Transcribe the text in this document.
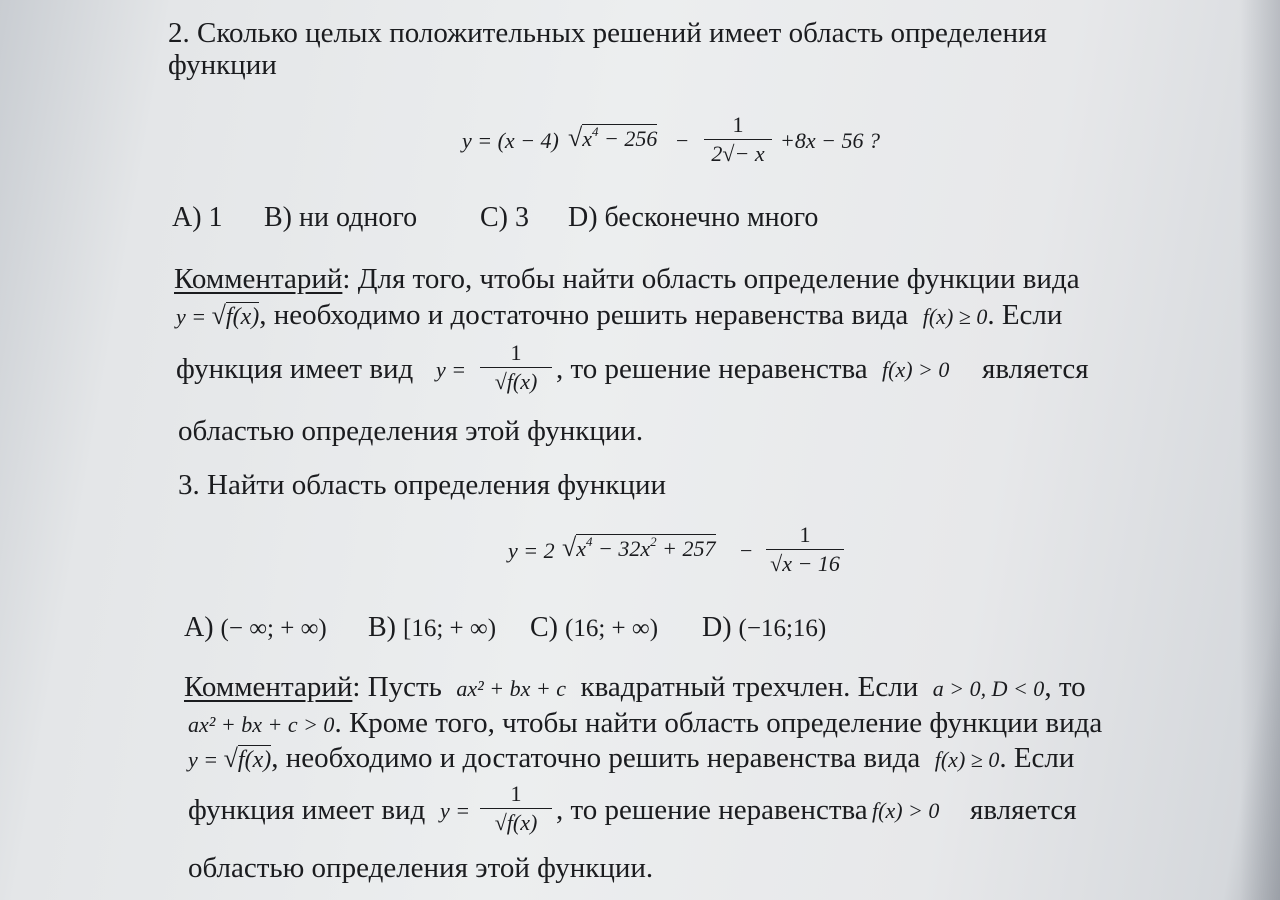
2. Сколько целых положительных решений имеет область определения
функции
y = (x − 4) $√x^4 - 256$ −
1
2√− x
+8x − 56 ?
A) 1 B) ни одного C) 3 D) бесконечно много
Комментарий: Для того, чтобы найти область определение функции вида
y = √f(x), необходимо и достаточно решить неравенства вида f(x) ≥ 0. Если
функция имеет вид y =
1
√f(x) , то решение неравенства f(x) > 0 является
областью определения этой функции.
3. Найти область определения функции
y = 2 $√x^4 - 32x^2 + 257$ −
1
√x − 16
A) (− ∞; + ∞) B) [16; + ∞) C) (16; + ∞) D) (−16;16)
Комментарий: Пусть ax² + bx + c квадратный трехчлен. Если a > 0, D < 0, то
ax² + bx + c > 0. Кроме того, чтобы найти область определение функции вида
y = √f(x), необходимо и достаточно решить неравенства вида f(x) ≥ 0. Если
функция имеет вид y =
1
√f(x) , то решение неравенства f(x) > 0 является
областью определения этой функции.
